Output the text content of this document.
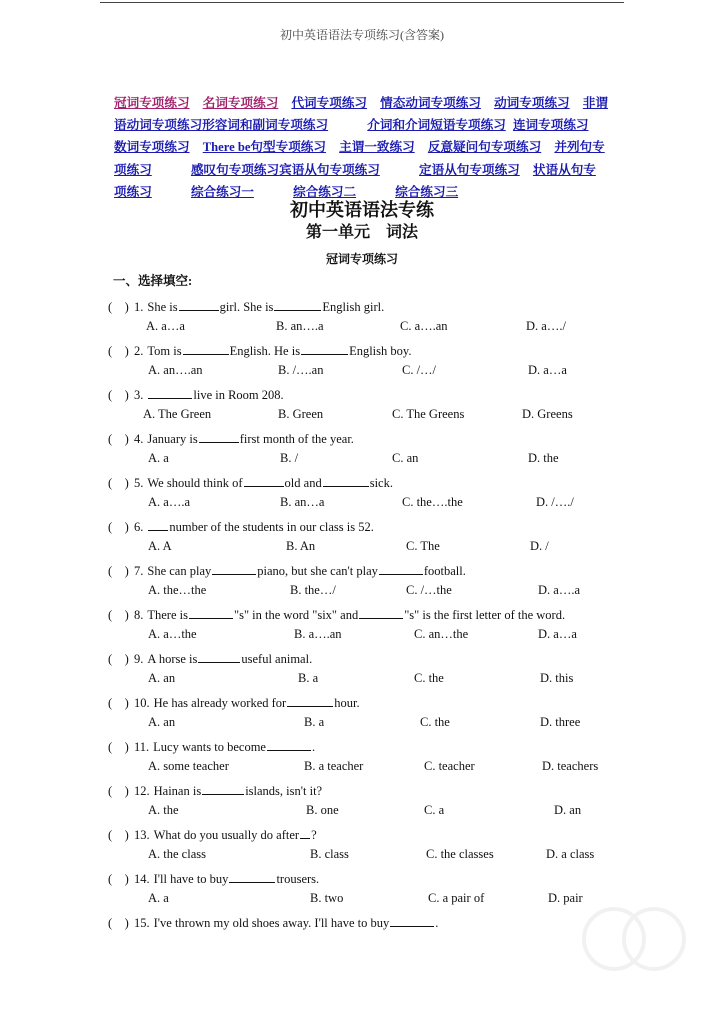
初中英语语法专项练习(含答案)
冠词专项练习 名词专项练习 代词专项练习 情态动词专项练习 动词专项练习 非谓语动词专项练习形容词和副词专项练习	介词和介词短语专项练习 连词专项练习
数词专项练习 There be句型专项练习 主谓一致练习 反意疑问句专项练习 并列句专项练习	感叹句专项练习宾语从句专项练习	定语从句专项练习 状语从句专项练习	综合练习一	综合练习二	综合练习三
初中英语语法专练
第一单元　词法
冠词专项练习
一、选择填空:
(　) 1. She is	girl. She is	English girl.
A. a…a	B. an….a	C. a….an	D. a…./
(　) 2. Tom is	English. He is	English boy.
A. an….an	B. /….an	C. /…/	D. a…a
(　) 3.	live in Room 208.
A. The Green	B. Green	C. The Greens	D. Greens
(　) 4. January is	first month of the year.
A. a	B. /	C. an	D. the
(　) 5. We should think of	old and	sick.
A. a….a	B. an…a	C. the….the	D. /…./
(　) 6. number of the students in our class is 52.
A. A	B. An	C. The	D. /
(　) 7. She can play	piano, but she can't play	football.
A. the…the	B. the…/	C. /…the	D. a….a
(　) 8. There is	"s" in the word "six" and	"s" is the first letter of the word.
A. a…the	B. a….an	C. an…the	D. a…a
(　) 9. A horse is	useful animal.
A. an	B. a	C. the	D. this
(　) 10. He has already worked for	hour.
A. an	B. a	C. the	D. three
(　) 11. Lucy wants to become	.
A. some teacher	B. a teacher	C. teacher	D. teachers
(　) 12. Hainan is	islands, isn't it?
A. the	B. one	C. a	D. an
(　) 13. What do you usually do after ?
A. the class	B. class	C. the classes	D. a class
(　) 14. I'll have to buy	trousers.
A. a	B. two	C. a pair of	D. pair
(　) 15. I've thrown my old shoes away. I'll have to buy	.
